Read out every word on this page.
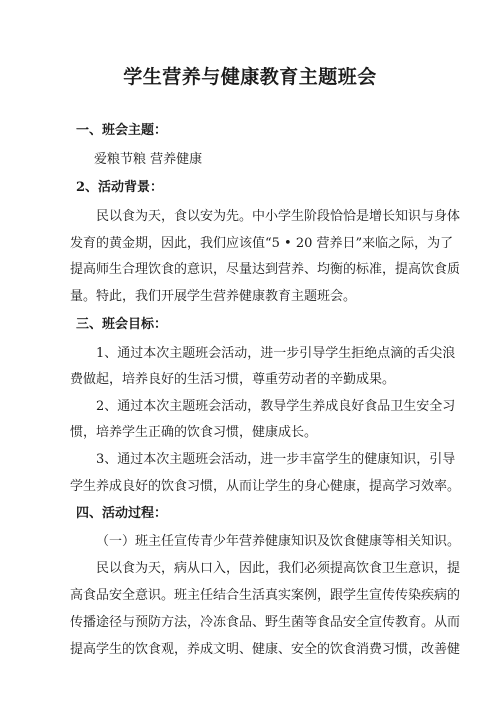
学生营养与健康教育主题班会
一、班会主题：
爱粮节粮 营养健康
2、活动背景：
民以食为天，食以安为先。中小学生阶段恰恰是增长知识与身体
发育的黄金期，因此，我们应该值“5 • 20 营养日”来临之际，为了
提高师生合理饮食的意识，尽量达到营养、均衡的标准，提高饮食质
量。特此，我们开展学生营养健康教育主题班会。
三、班会目标：
1、通过本次主题班会活动，进一步引导学生拒绝点滴的舌尖浪
费做起，培养良好的生活习惯，尊重劳动者的辛勤成果。
2、通过本次主题班会活动，教导学生养成良好食品卫生安全习
惯，培养学生正确的饮食习惯，健康成长。
3、通过本次主题班会活动，进一步丰富学生的健康知识，引导
学生养成良好的饮食习惯，从而让学生的身心健康，提高学习效率。
四、活动过程：
（一）班主任宣传青少年营养健康知识及饮食健康等相关知识。
民以食为天，病从口入，因此，我们必须提高饮食卫生意识，提
高食品安全意识。班主任结合生活真实案例，跟学生宣传传染疾病的
传播途径与预防方法，冷冻食品、野生菌等食品安全宣传教育。从而
提高学生的饮食观，养成文明、健康、安全的饮食消费习惯，改善健
